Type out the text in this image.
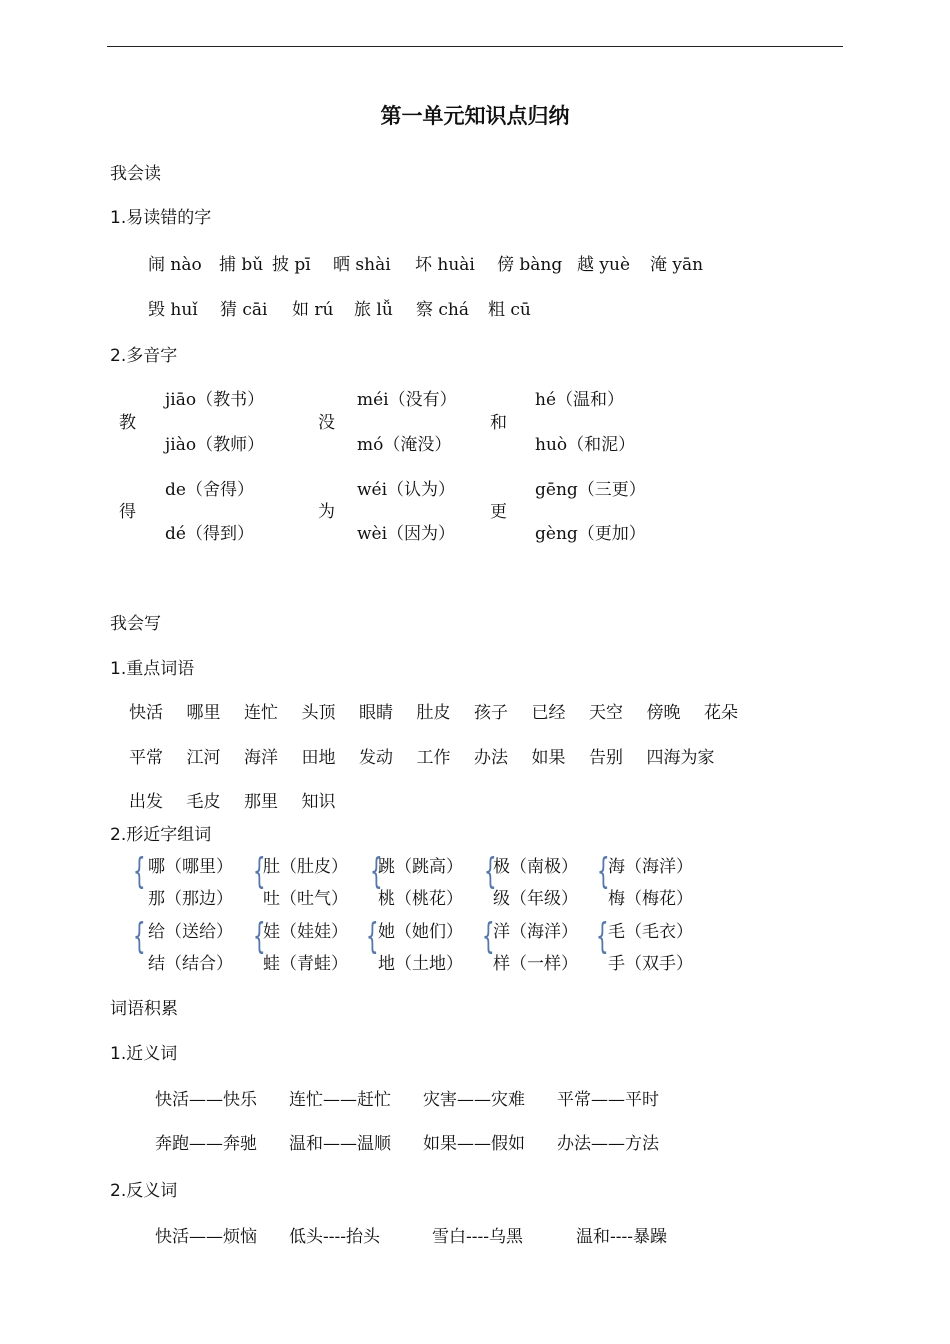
第一单元知识点归纳
我会读
1.易读错的字
闹 nào 捕 bǔ 披 pī 晒 shài 坏 huài 傍 bàng 越 yuè 淹 yān
毁 huǐ 猜 cāi 如 rú 旅 lǚ 察 chá 粗 cū
2.多音字
教
jiāo（教书）
jiào（教师）
没
méi（没有）
mó（淹没）
和
hé（温和）
huò（和泥）
得
de（舍得）
dé（得到）
为
wéi（认为）
wèi（因为）
更
gēng（三更）
gèng（更加）
我会写
1.重点词语
快活 哪里 连忙 头顶 眼睛 肚皮 孩子 已经 天空 傍晚 花朵
平常 江河 海洋 田地 发动 工作 办法 如果 告别 四海为家
出发 毛皮 那里 知识
2.形近字组词
{ 哪（哪里）
那（那边）
{
肚（肚皮）
吐（吐气）
{
跳（跳高）
桃（桃花）
{
极（南极）
级（年级）
{
海（海洋）
梅（梅花）
{ 给（送给）
结（结合）
{
娃（娃娃）
蛙（青蛙）
{ 她（她们）
地（土地）
{
洋（海洋）
样（一样）
{ 毛（毛衣）
手（双手）
词语积累
1.近义词
快活——快乐 连忙——赶忙 灾害——灾难 平常——平时
奔跑——奔驰 温和——温顺 如果——假如 办法——方法
2.反义词
快活——烦恼 低头----抬头	雪白----乌黑	温和----暴躁
